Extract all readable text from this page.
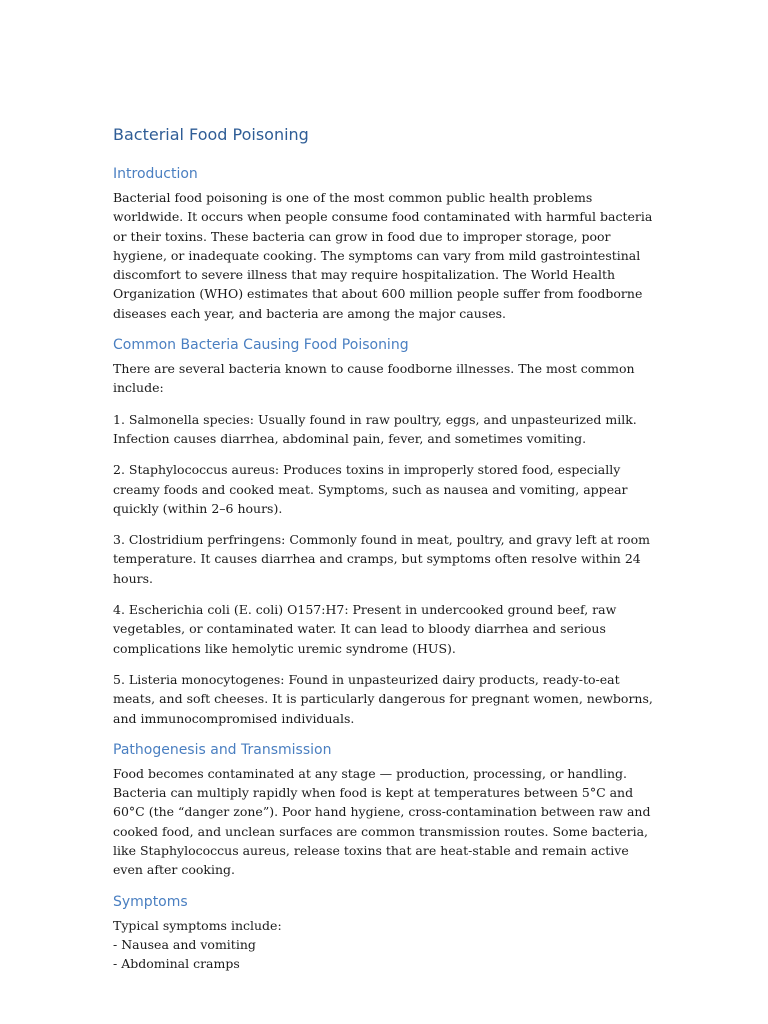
Bacterial Food Poisoning
Introduction

Bacterial food poisoning is one of the most common public health problems worldwide. It occurs when people consume food contaminated with harmful bacteria or their toxins. These bacteria can grow in food due to improper storage, poor hygiene, or inadequate cooking. The symptoms can vary from mild gastrointestinal discomfort to severe illness that may require hospitalization. The World Health Organization (WHO) estimates that about 600 million people suffer from foodborne diseases each year, and bacteria are among the major causes.

Common Bacteria Causing Food Poisoning

There are several bacteria known to cause foodborne illnesses. The most common include:

1. Salmonella species: Usually found in raw poultry, eggs, and unpasteurized milk. Infection causes diarrhea, abdominal pain, fever, and sometimes vomiting.

2. Staphylococcus aureus: Produces toxins in improperly stored food, especially creamy foods and cooked meat. Symptoms, such as nausea and vomiting, appear quickly (within 2–6 hours).

3. Clostridium perfringens: Commonly found in meat, poultry, and gravy left at room temperature. It causes diarrhea and cramps, but symptoms often resolve within 24 hours.

4. Escherichia coli (E. coli) O157:H7: Present in undercooked ground beef, raw vegetables, or contaminated water. It can lead to bloody diarrhea and serious complications like hemolytic uremic syndrome (HUS).

5. Listeria monocytogenes: Found in unpasteurized dairy products, ready-to-eat meats, and soft cheeses. It is particularly dangerous for pregnant women, newborns, and immunocompromised individuals.

Pathogenesis and Transmission

Food becomes contaminated at any stage — production, processing, or handling. Bacteria can multiply rapidly when food is kept at temperatures between 5°C and 60°C (the “danger zone”). Poor hand hygiene, cross-contamination between raw and cooked food, and unclean surfaces are common transmission routes. Some bacteria, like Staphylococcus aureus, release toxins that are heat-stable and remain active even after cooking.

Symptoms
Typical symptoms include:
- Nausea and vomiting
- Abdominal cramps
